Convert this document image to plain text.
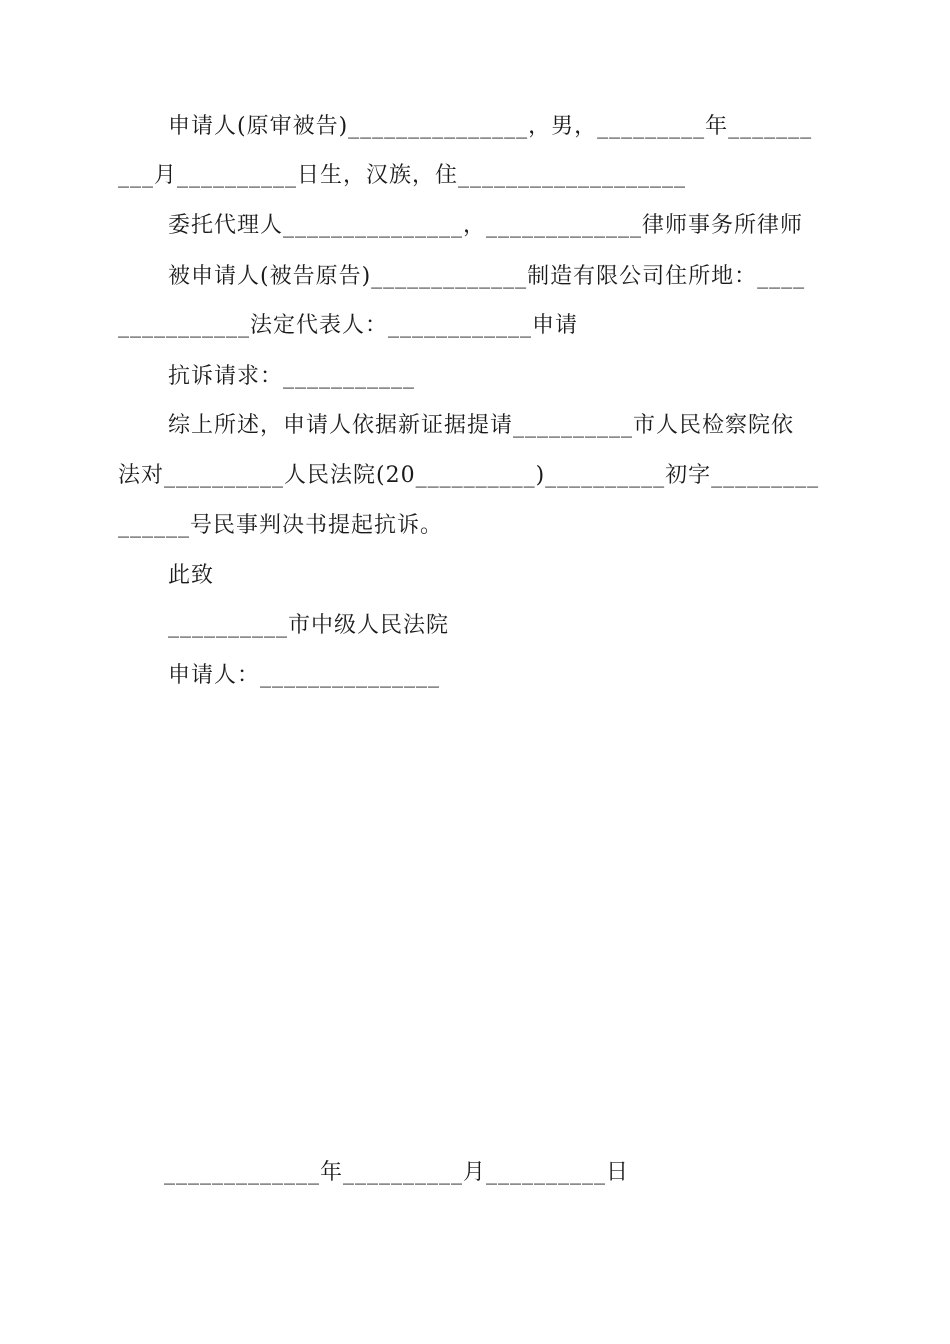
申请人(原审被告)_______________，男，_________年_______
___月__________日生，汉族，住___________________
委托代理人_______________，_____________律师事务所律师
被申请人(被告原告)_____________制造有限公司住所地：____
___________法定代表人：____________申请
抗诉请求：___________
综上所述，申请人依据新证据提请__________市人民检察院依
法对__________人民法院(20__________)__________初字_________
______号民事判决书提起抗诉。
此致
__________市中级人民法院
申请人：_______________
_____________年__________月__________日
